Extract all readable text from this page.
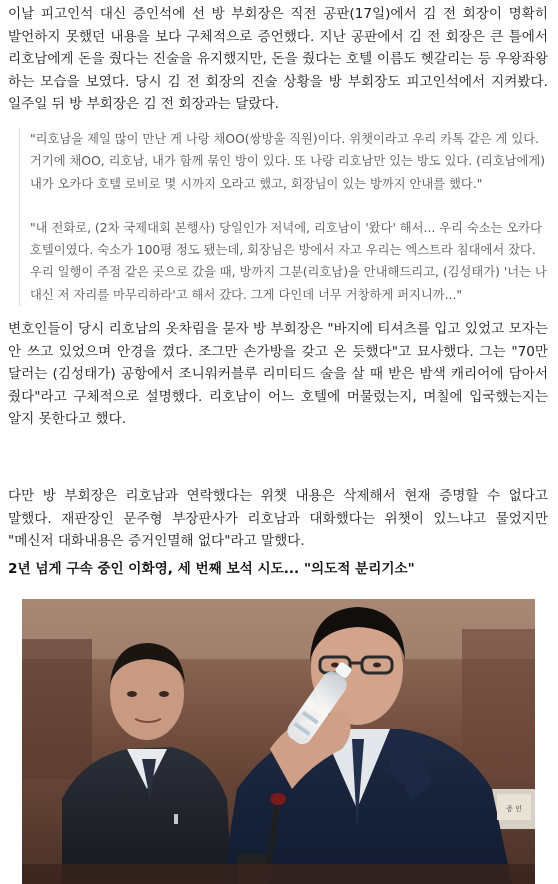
이날 피고인석 대신 증인석에 선 방 부회장은 직전 공판(17일)에서 김 전 회장이 명확히 발언하지 못했던 내용을 보다 구체적으로 증언했다. 지난 공판에서 김 전 회장은 큰 틀에서 리호남에게 돈을 줬다는 진술을 유지했지만, 돈을 줬다는 호텔 이름도 헷갈리는 등 우왕좌왕 하는 모습을 보였다. 당시 김 전 회장의 진술 상황을 방 부회장도 피고인석에서 지켜봤다. 일주일 뒤 방 부회장은 김 전 회장과는 달랐다.

"리호남을 제일 많이 만난 게 나랑 채OO(쌍방울 직원)이다. 위챗이라고 우리 카톡 같은 게 있다. 거기에 채OO, 리호남, 내가 함께 묶인 방이 있다. 또 나랑 리호남만 있는 방도 있다. (리호남에게) 내가 오카다 호텔 로비로 몇 시까지 오라고 했고, 회장님이 있는 방까지 안내를 했다."

"내 전화로, (2차 국제대회 본행사) 당일인가 저녁에, 리호남이 '왔다' 해서... 우리 숙소는 오카다 호텔이였다. 숙소가 100평 정도 됐는데, 회장님은 방에서 자고 우리는 엑스트라 침대에서 잤다. 우리 일행이 주점 같은 곳으로 갔을 때, 방까지 그분(리호남)을 안내해드리고, (김성태가) '너는 나 대신 저 자리를 마무리하라'고 해서 갔다. 그게 다인데 너무 거창하게 퍼지니까..."

변호인들이 당시 리호남의 옷차림을 묻자 방 부회장은 "바지에 티셔츠를 입고 있었고 모자는 안 쓰고 있었으며 안경을 꼈다. 조그만 손가방을 갖고 온 듯했다"고 묘사했다. 그는 "70만 달러는 (김성태가) 공항에서 조니워커블루 리미티드 술을 살 때 받은 밤색 캐리어에 담아서 줬다"라고 구체적으로 설명했다. 리호남이 어느 호텔에 머물렀는지, 며칠에 입국했는지는 알지 못한다고 했다.

다만 방 부회장은 리호남과 연락했다는 위챗 내용은 삭제해서 현재 증명할 수 없다고 말했다. 재판장인 문주형 부장판사가 리호남과 대화했다는 위챗이 있느냐고 물었지만 "메신저 대화내용은 증거인멸해 없다"라고 말했다.

2년 넘게 구속 중인 이화영, 세 번째 보석 시도... "의도적 분리기소"
증 인
